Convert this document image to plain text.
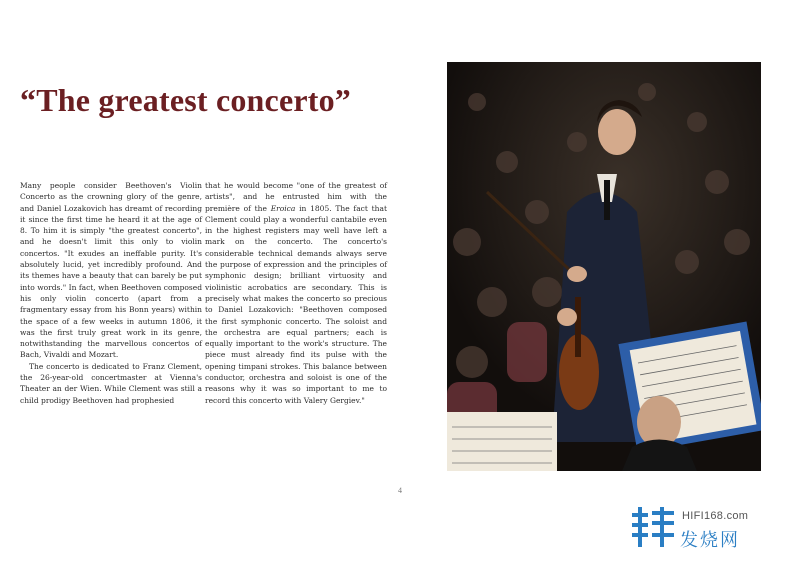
“The greatest concerto”

Many people consider Beethoven's Violin Concerto as the crowning glory of the genre, and Daniel Lozakovich has dreamt of recording it since the first time he heard it at the age of 8. To him it is simply "the greatest concerto", and he doesn't limit this only to violin concertos. "It exudes an ineffable purity. It's absolutely lucid, yet incredibly profound. And its themes have a beauty that can barely be put into words." In fact, when Beethoven composed his only violin concerto (apart from a fragmentary essay from his Bonn years) within the space of a few weeks in autumn 1806, it was the first truly great work in its genre, notwithstanding the marvellous concertos of Bach, Vivaldi and Mozart.

The concerto is dedicated to Franz Clement, the 26-year-old concertmaster at Vienna's Theater an der Wien. While Clement was still a child prodigy Beethoven had prophesied

that he would become "one of the greatest of artists", and he entrusted him with the première of the Eroica in 1805. The fact that Clement could play a wonderful cantabile even in the highest registers may well have left a mark on the concerto. The concerto's considerable technical demands always serve the purpose of expression and the principles of symphonic design; brilliant virtuosity and violinistic acrobatics are secondary. This is precisely what makes the concerto so precious to Daniel Lozakovich: "Beethoven composed the first symphonic concerto. The soloist and the orchestra are equal partners; each is equally important to the work's structure. The piece must already find its pulse with the opening timpani strokes. This balance between conductor, orchestra and soloist is one of the reasons why it was so important to me to record this concerto with Valery Gergiev."

4
HIFI168.com
发烧网
